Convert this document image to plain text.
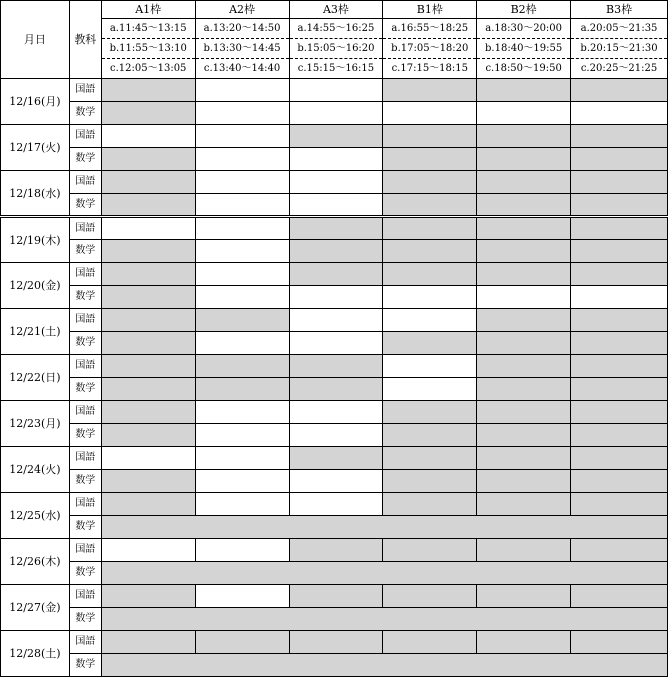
月日	教科	A1枠	A2枠	A3枠	B1枠	B2枠	B3枠
		a.11:45〜13:15	a.13:20〜14:50	a.14:55〜16:25	a.16:55〜18:25	a.18:30〜20:00	a.20:05〜21:35
		b.11:55〜13:10	b.13:30〜14:45	b.15:05〜16:20	b.17:05〜18:20	b.18:40〜19:55	b.20:15〜21:30
		c.12:05〜13:05	c.13:40〜14:40	c.15:15〜16:15	c.17:15〜18:15	c.18:50〜19:50	c.20:25〜21:25
12/16(月)	国語						
	数学						
12/17(火)	国語						
	数学						
12/18(水)	国語						
	数学						
12/19(木)	国語						
	数学						
12/20(金)	国語						
	数学						
12/21(土)	国語						
	数学						
12/22(日)	国語						
	数学						
12/23(月)	国語						
	数学						
12/24(火)	国語						
	数学						
12/25(水)	国語						
	数学						
12/26(木)	国語						
	数学						
12/27(金)	国語						
	数学						
12/28(土)	国語						
	数学						
